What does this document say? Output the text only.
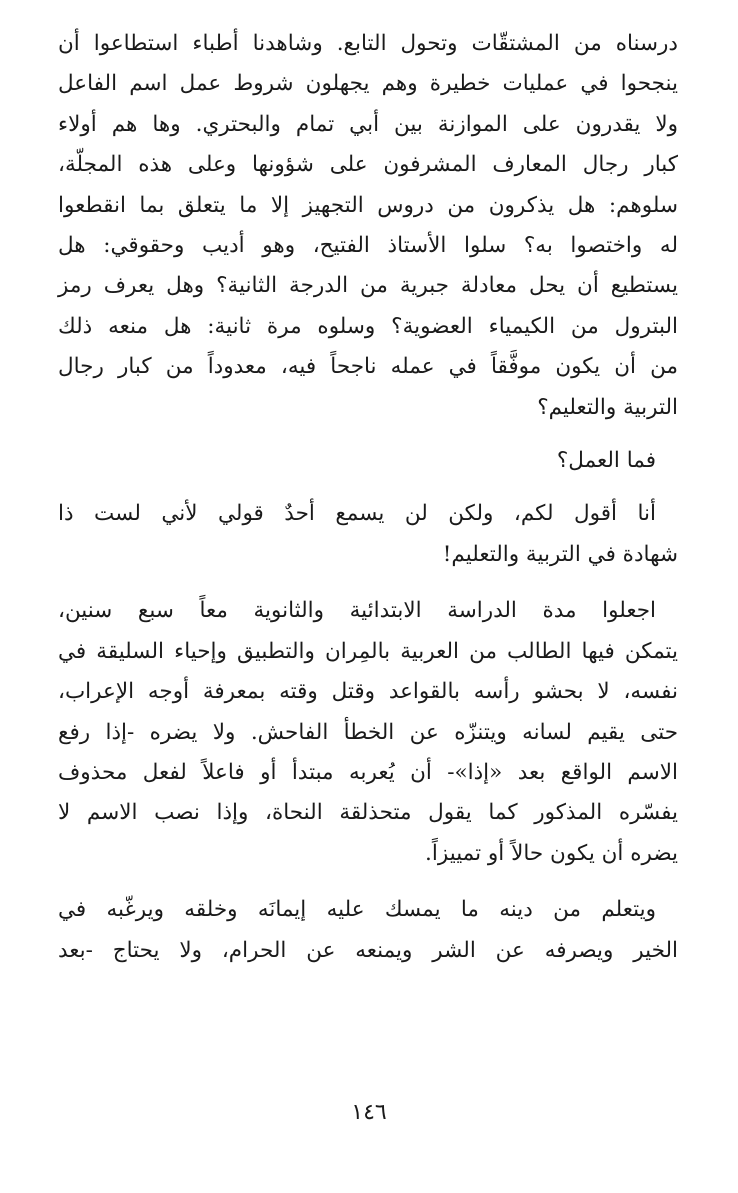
درسناه من المشتقّات وتحول التابع. وشاهدنا أطباء استطاعوا أن
ينجحوا في عمليات خطيرة وهم يجهلون شروط عمل اسم الفاعل
ولا يقدرون على الموازنة بين أبي تمام والبحتري. وها هم أولاء
كبار رجال المعارف المشرفون على شؤونها وعلى هذه المجلّة،
سلوهم: هل يذكرون من دروس التجهيز إلا ما يتعلق بما انقطعوا
له واختصوا به؟ سلوا الأستاذ الفتيح، وهو أديب وحقوقي: هل
يستطيع أن يحل معادلة جبرية من الدرجة الثانية؟ وهل يعرف رمز
البترول من الكيمياء العضوية؟ وسلوه مرة ثانية: هل منعه ذلك
من أن يكون موفَّقاً في عمله ناجحاً فيه، معدوداً من كبار رجال
التربية والتعليم؟

فما العمل؟

أنا أقول لكم، ولكن لن يسمع أحدٌ قولي لأني لست ذا
شهادة في التربية والتعليم!

اجعلوا مدة الدراسة الابتدائية والثانوية معاً سبع سنين،
يتمكن فيها الطالب من العربية بالمِران والتطبيق وإحياء السليقة في
نفسه، لا بحشو رأسه بالقواعد وقتل وقته بمعرفة أوجه الإعراب،
حتى يقيم لسانه ويتنزّه عن الخطأ الفاحش. ولا يضره -إذا رفع
الاسم الواقع بعد «إذا»- أن يُعربه مبتدأ أو فاعلاً لفعل محذوف
يفسّره المذكور كما يقول متحذلقة النحاة، وإذا نصب الاسم لا
يضره أن يكون حالاً أو تمييزاً.

ويتعلم من دينه ما يمسك عليه إيمانَه وخلقه ويرغّبه في
الخير ويصرفه عن الشر ويمنعه عن الحرام، ولا يحتاج -بعد

١٤٦
